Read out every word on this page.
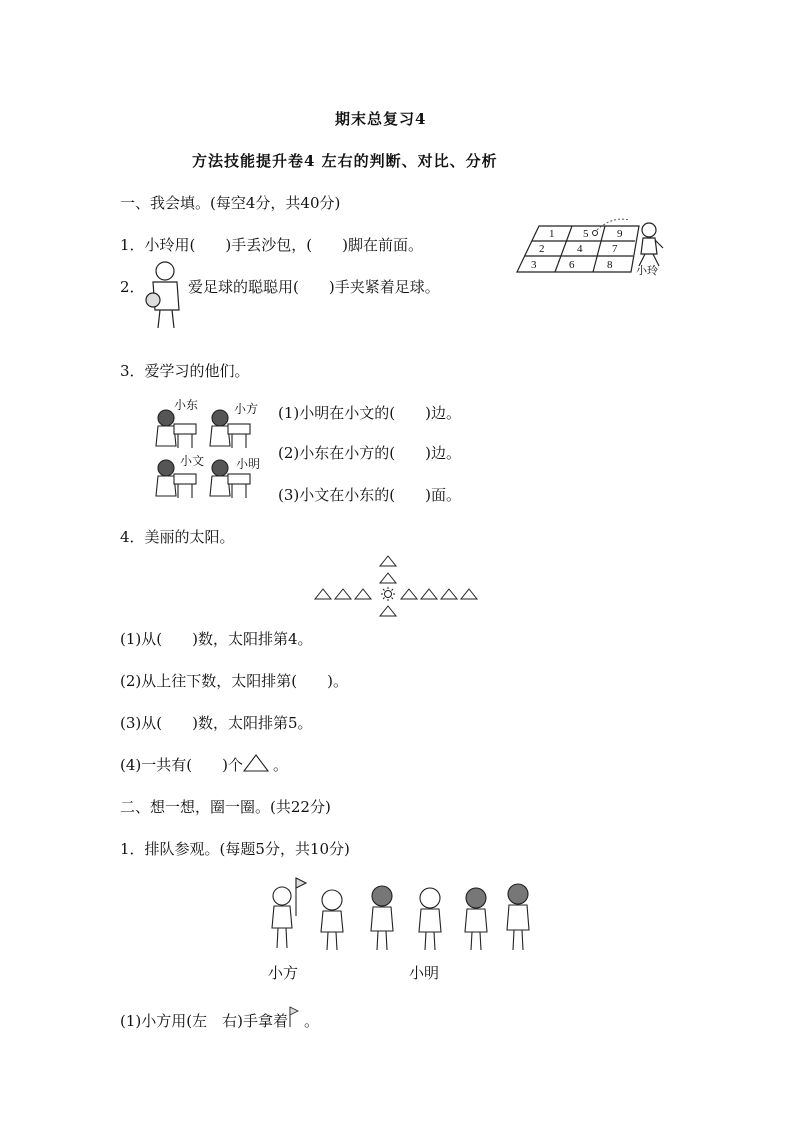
期末总复习4
方法技能提升卷4 左右的判断、对比、分析
一、我会填。(每空4分，共40分)
1．小玲用(　　)手丢沙包，(　　)脚在前面。
1	5	9
2	4	7
3	6	8 小玲
2．	爱足球的聪聪用(　　)手夹紧着足球。
3．爱学习的他们。
小东	小方
小文	小明
(1)小明在小文的(　　)边。
(2)小东在小方的(　　)边。
(3)小文在小东的(　　)面。
4．美丽的太阳。
(1)从(　　)数，太阳排第4。
(2)从上往下数，太阳排第(　　)。
(3)从(　　)数，太阳排第5。
(4)一共有(　　)个 。
二、想一想，圈一圈。(共22分)
1．排队参观。(每题5分，共10分)
小方	小明
(1)小方用(左　右)手拿着 。
